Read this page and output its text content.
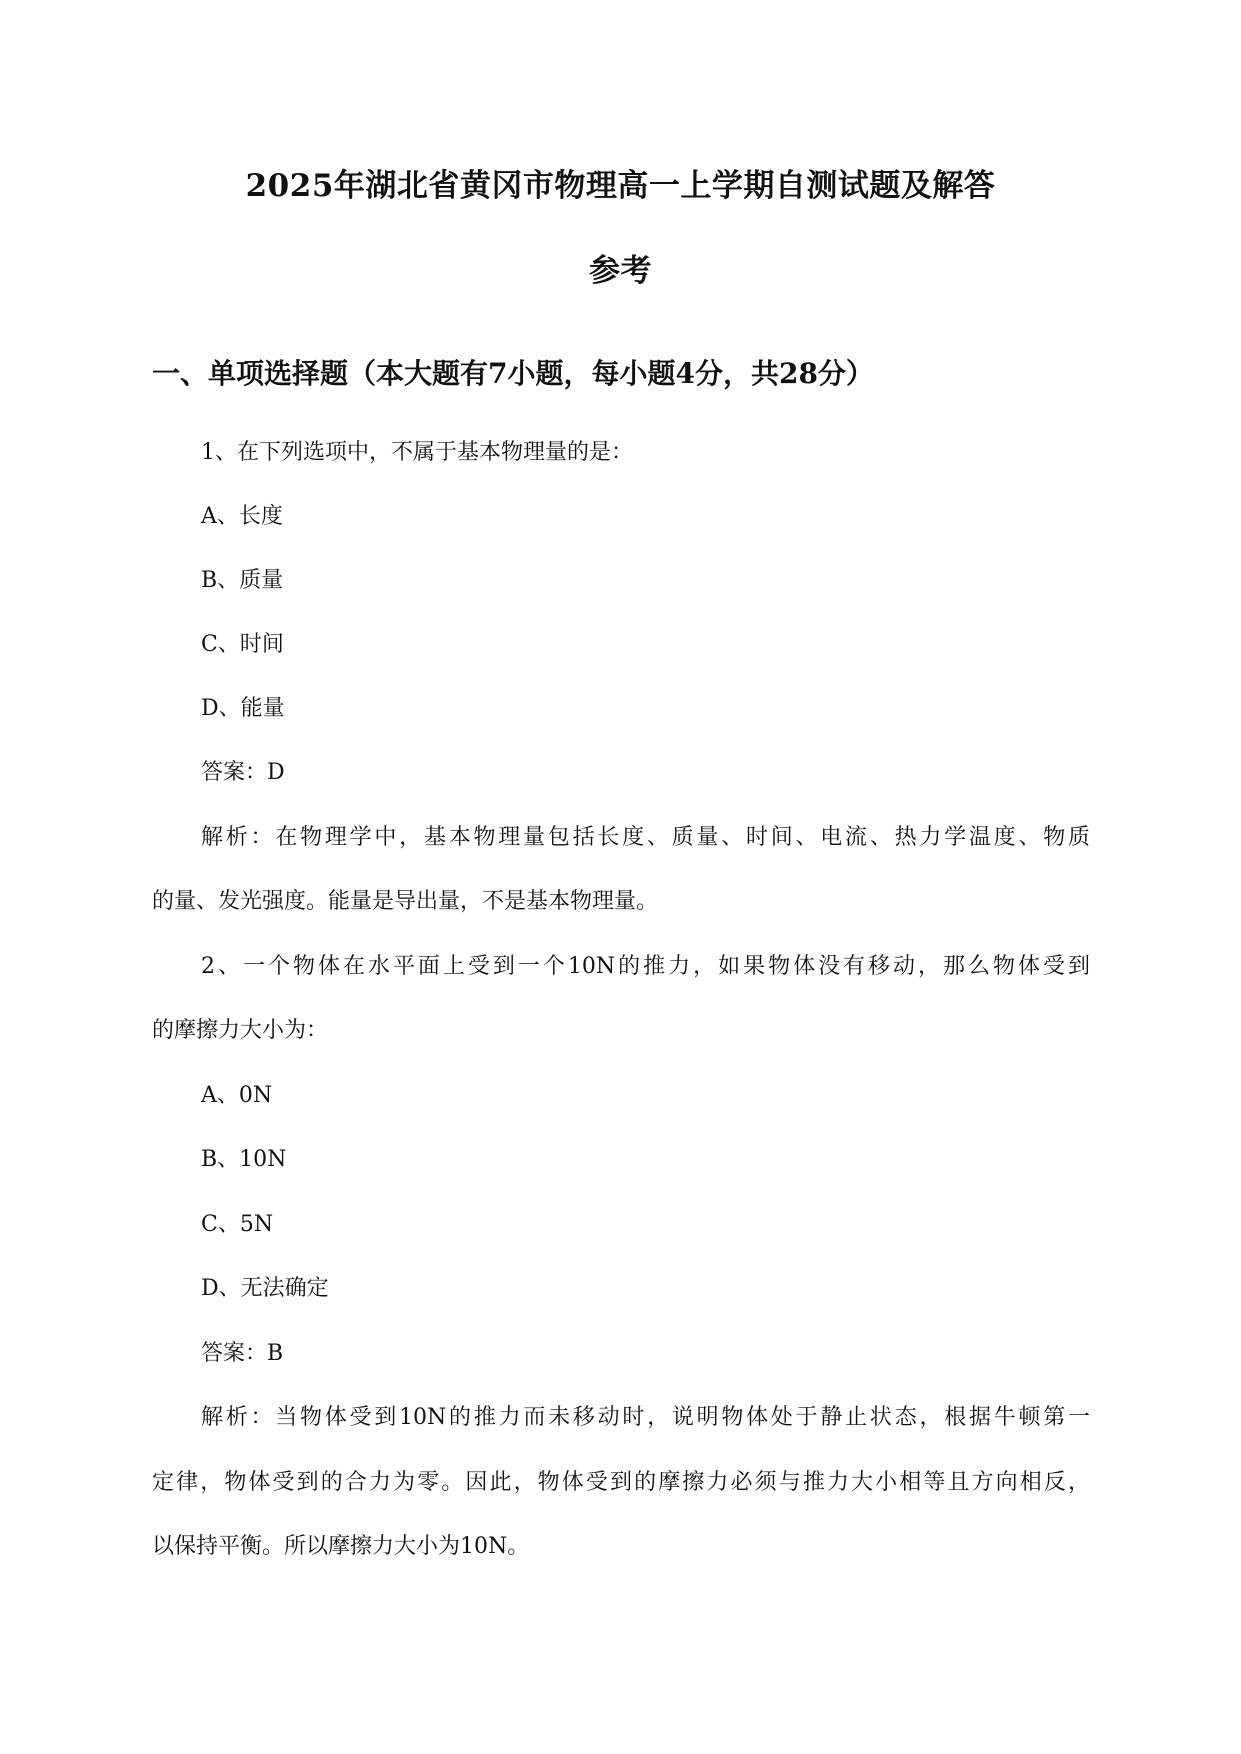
2025年湖北省黄冈市物理高一上学期自测试题及解答
参考
一、单项选择题（本大题有7小题，每小题4分，共28分）
1、在下列选项中，不属于基本物理量的是：
A、长度
B、质量
C、时间
D、能量
答案：D
解析：在物理学中，基本物理量包括长度、质量、时间、电流、热力学温度、物质
的量、发光强度。能量是导出量，不是基本物理量。
2、一个物体在水平面上受到一个10N的推力，如果物体没有移动，那么物体受到
的摩擦力大小为：
A、0N
B、10N
C、5N
D、无法确定
答案：B
解析：当物体受到10N的推力而未移动时，说明物体处于静止状态，根据牛顿第一
定律，物体受到的合力为零。因此，物体受到的摩擦力必须与推力大小相等且方向相反，
以保持平衡。所以摩擦力大小为10N。
